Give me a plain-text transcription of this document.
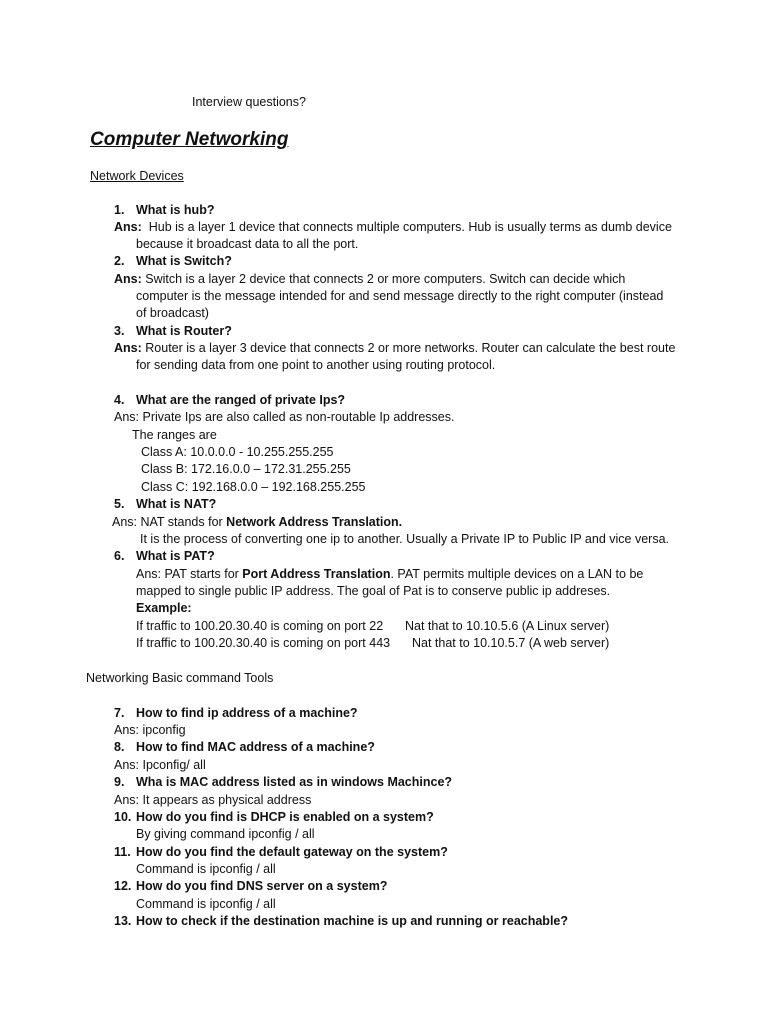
Interview questions?
Computer Networking
Network Devices
1. What is hub?
Ans: Hub is a layer 1 device that connects multiple computers. Hub is usually terms as dumb device
because it broadcast data to all the port.
2. What is Switch?
Ans: Switch is a layer 2 device that connects 2 or more computers. Switch can decide which
computer is the message intended for and send message directly to the right computer (instead
of broadcast)
3. What is Router?
Ans: Router is a layer 3 device that connects 2 or more networks. Router can calculate the best route
for sending data from one point to another using routing protocol.
4. What are the ranged of private Ips?
Ans: Private Ips are also called as non-routable Ip addresses.
The ranges are
Class A: 10.0.0.0 - 10.255.255.255
Class B: 172.16.0.0 – 172.31.255.255
Class C: 192.168.0.0 – 192.168.255.255
5. What is NAT?
Ans: NAT stands for Network Address Translation.
It is the process of converting one ip to another. Usually a Private IP to Public IP and vice versa.
6. What is PAT?
Ans: PAT starts for Port Address Translation. PAT permits multiple devices on a LAN to be
mapped to single public IP address. The goal of Pat is to conserve public ip addreses.
Example:
If traffic to 100.20.30.40 is coming on port 22 Nat that to 10.10.5.6 (A Linux server)
If traffic to 100.20.30.40 is coming on port 443 Nat that to 10.10.5.7 (A web server)
Networking Basic command Tools
7. How to find ip address of a machine?
Ans: ipconfig
8. How to find MAC address of a machine?
Ans: Ipconfig/ all
9. Wha is MAC address listed as in windows Machince?
Ans: It appears as physical address
10. How do you find is DHCP is enabled on a system?
By giving command ipconfig / all
11. How do you find the default gateway on the system?
Command is ipconfig / all
12. How do you find DNS server on a system?
Command is ipconfig / all
13. How to check if the destination machine is up and running or reachable?
